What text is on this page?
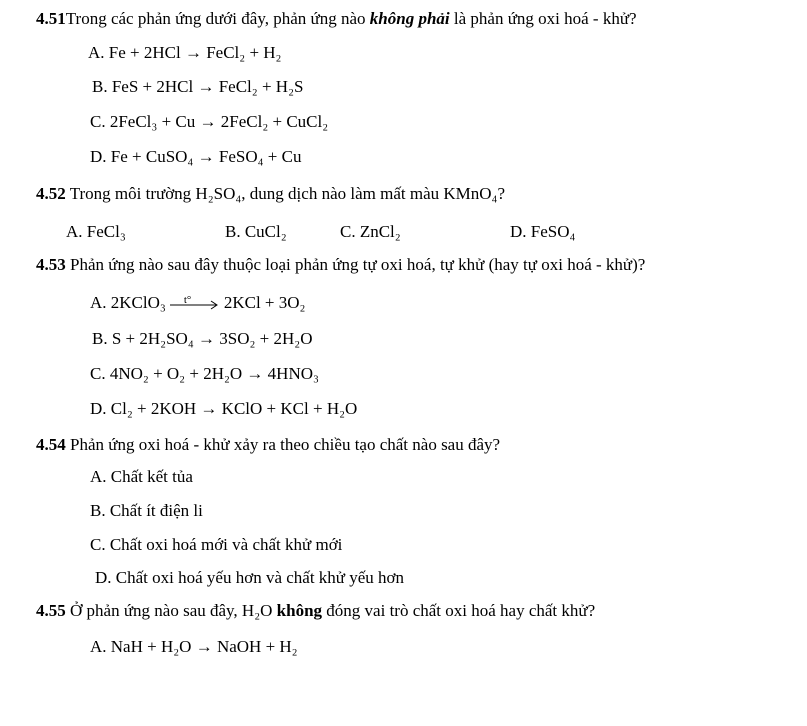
4.51Trong các phản ứng dưới đây, phản ứng nào không phải là phản ứng oxi hoá - khử?
A. Fe + 2HCl → FeCl₂ + H₂
B. FeS + 2HCl → FeCl₂ + H₂S
C. 2FeCl₃ + Cu → 2FeCl₂ + CuCl₂
D. Fe + CuSO₄ → FeSO₄ + Cu
4.52 Trong môi trường H₂SO₄, dung dịch nào làm mất màu KMnO₄?
A. FeCl₃	B. CuCl₂	C. ZnCl₂	D. FeSO₄
4.53 Phản ứng nào sau đây thuộc loại phản ứng tự oxi hoá, tự khử (hay tự oxi hoá - khử)?
A. 2KClO₃ t° 2KCl + 3O₂
B. S + 2H₂SO₄ → 3SO₂ + 2H₂O
C. 4NO₂ + O₂ + 2H₂O → 4HNO₃
D. Cl₂ + 2KOH → KClO + KCl + H₂O
4.54 Phản ứng oxi hoá - khử xảy ra theo chiều tạo chất nào sau đây?
A. Chất kết tủa
B. Chất ít điện li
C. Chất oxi hoá mới và chất khử mới
D. Chất oxi hoá yếu hơn và chất khử yếu hơn
4.55 Ở phản ứng nào sau đây, H₂O không đóng vai trò chất oxi hoá hay chất khử?
A. NaH + H₂O → NaOH + H₂
